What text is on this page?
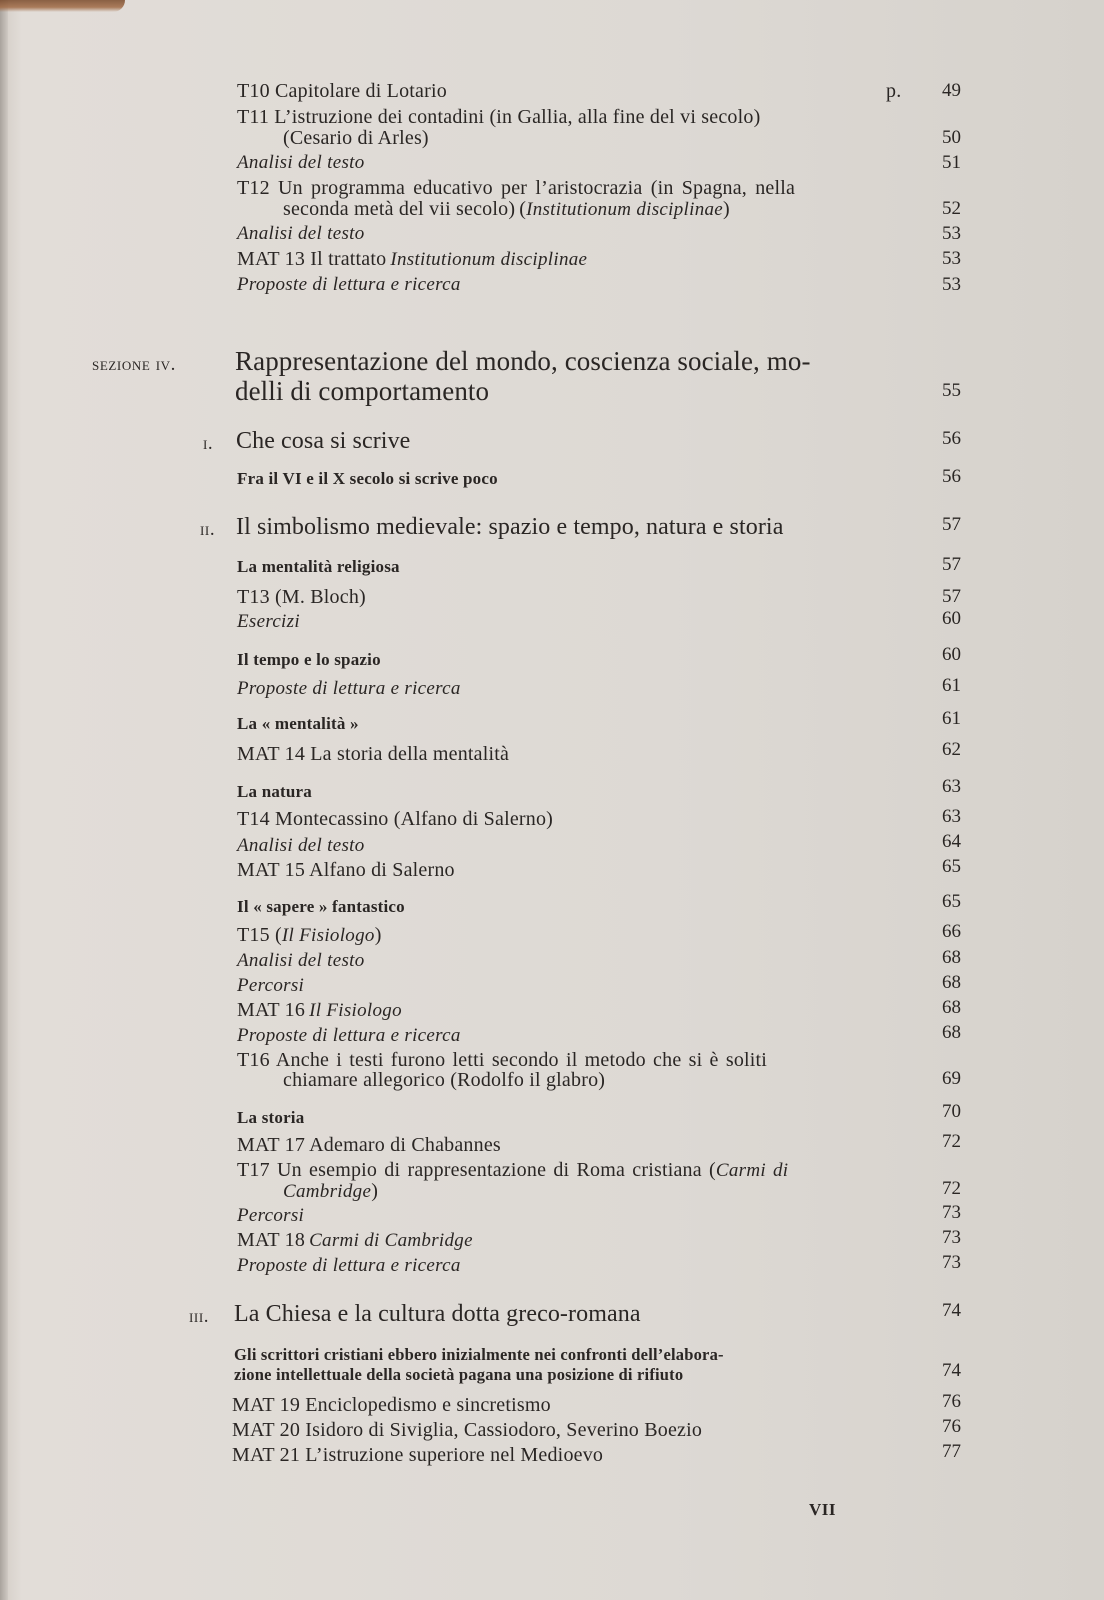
T10 Capitolare di Lotario	p. 49
T11 L’istruzione dei contadini (in Gallia, alla fine del vi secolo)
(Cesario di Arles)	50
Analisi del testo	51
T12 Un programma educativo per l’aristocrazia (in Spagna, nella
seconda metà del vii secolo) (Institutionum disciplinae)	52
Analisi del testo	53
MAT 13 Il trattato Institutionum disciplinae	53
Proposte di lettura e ricerca	53
sezione iv. Rappresentazione del mondo, coscienza sociale, mo-
delli di comportamento	55
i. Che cosa si scrive	56
Fra il VI e il X secolo si scrive poco	56
ii. Il simbolismo medievale: spazio e tempo, natura e storia	57
La mentalità religiosa	57
T13 (M. Bloch)	57
Esercizi	60
Il tempo e lo spazio	60
Proposte di lettura e ricerca	61
La « mentalità »	61
MAT 14 La storia della mentalità	62
La natura	63
T14 Montecassino (Alfano di Salerno)	63
Analisi del testo	64
MAT 15 Alfano di Salerno	65
Il « sapere » fantastico	65
T15 (Il Fisiologo)	66
Analisi del testo	68
Percorsi	68
MAT 16 Il Fisiologo	68
Proposte di lettura e ricerca	68
T16 Anche i testi furono letti secondo il metodo che si è soliti
chiamare allegorico (Rodolfo il glabro)	69
La storia	70
MAT 17 Ademaro di Chabannes	72
T17 Un esempio di rappresentazione di Roma cristiana (Carmi di
Cambridge)	72
Percorsi	73
MAT 18 Carmi di Cambridge	73
Proposte di lettura e ricerca	73
iii. La Chiesa e la cultura dotta greco-romana	74
Gli scrittori cristiani ebbero inizialmente nei confronti dell’elabora-
zione intellettuale della società pagana una posizione di rifiuto	74
MAT 19 Enciclopedismo e sincretismo	76
MAT 20 Isidoro di Siviglia, Cassiodoro, Severino Boezio	76
MAT 21 L’istruzione superiore nel Medioevo	77
VII
